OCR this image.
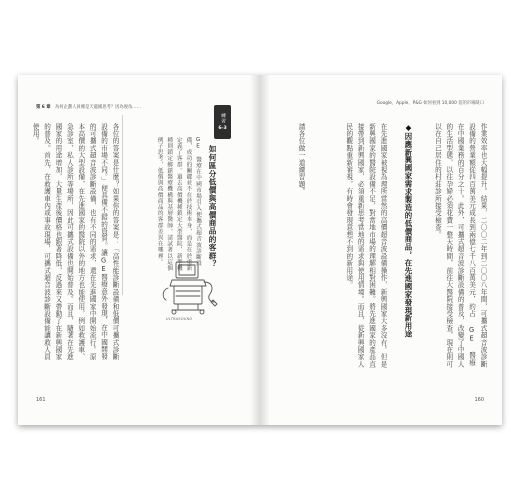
第 6 章 為何企劃人員總是天龍國思考？因為視角……

各位的答案是什麼？如果你的答案是：「高性能診斷設備和低價可攜式診斷設備的市場不同。」便具備不錯的資質。讓GE醫療意外發現，在中國開發的可攜式超音波診斷設備，也有不同的需求，還在先進國家中開始流行。原本高價的大型設備，在先進國家的醫院以外的地方也能使用，例如救護車、急診室、私人診所等場所，因此可攜式設備也開始普及。而且，隨著在先進國家的用途增加，大量生產後價格也跟著降低，反過來又帶動了在新興國家的普及。首先，在救護車內或事故現場，可攜式超音波診斷設備能讓救人員使用。

練習
6-3
如何區分低價與高價商品的客群？
GE 醫療在中國市場引入便攜式超音波診斷設備，成功的關鍵並不在於技術本身，而是在於重新定義了客群。過去高價機種鎖定大型醫院，新型機種則鎖定鄉鎮醫療機構與基層醫師。請試著以這個例子思考，低價與高價商品的客群差異在哪裡。
ULTRASOUND
161
Google、Apple、P&G 如何看到 10,000 倍的市場缺口

作業效率也大幅提升。結果，二〇〇二年到二〇〇八年間，可攜式超音波診斷設備的營業額從四百萬美元成長到兩億七千八百萬美元，約占 GE 醫療在中國業務的百分之十。此外，可攜式超音波診斷設備的普及，改變了中國人的生活型態，以往孕婦必須花費一整天時間，前往大醫院接受檢查，現在則可以在自己居住的村莊診所接受檢查。

◆因應新興國家需求製造的低價商品，在先進國家發現新用途

在先進國家被視為理所當然的高價超音波設備操作，新興國家大多沒有。但是新興國家的醫院設備不足，對當地市場的理解相對困難。將先進國家的產品直接帶到新興國家，必須重新思考當地的需求與使用情境。而且，從新興國家人民的觀點重新審視，有時會發現意想不到的新用途。

請各位做一道練習題。

160
